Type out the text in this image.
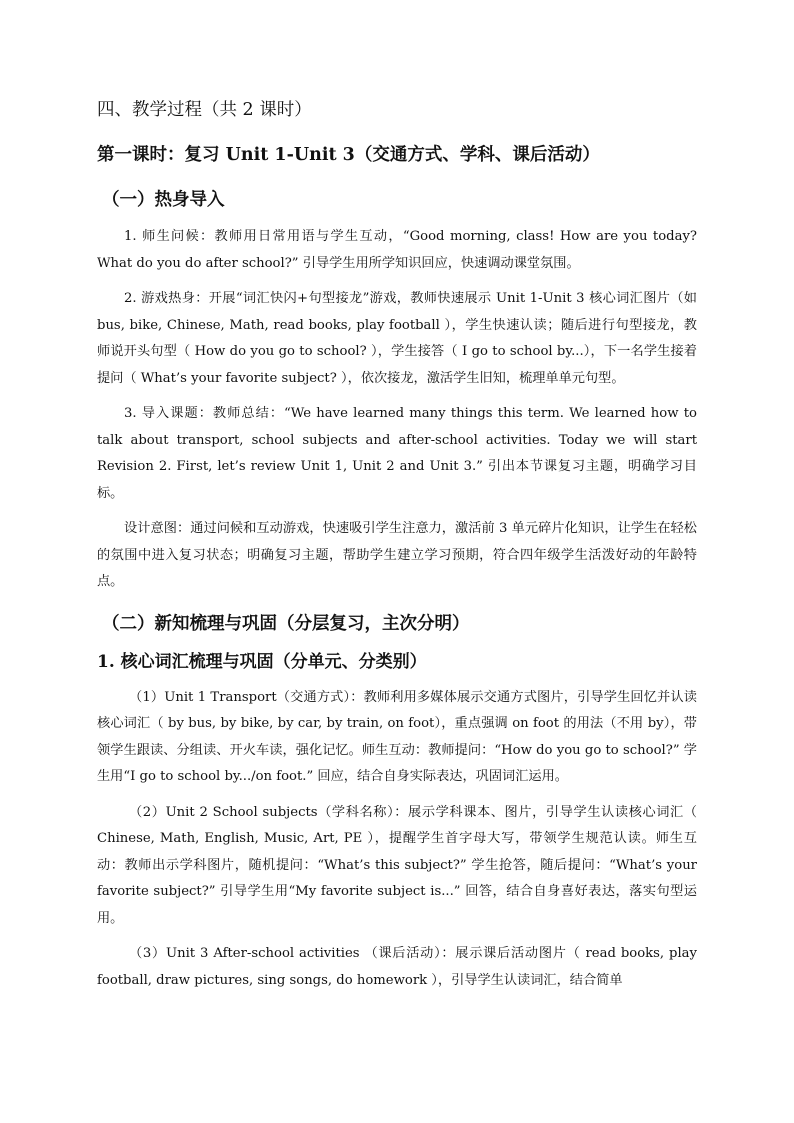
四、教学过程（共 2 课时）
第一课时：复习 Unit 1-Unit 3（交通方式、学科、课后活动）
（一）热身导入

1. 师生问候：教师用日常用语与学生互动，“Good morning, class! How are you today? What do you do after school?” 引导学生用所学知识回应，快速调动课堂氛围。

2. 游戏热身：开展“词汇快闪+句型接龙”游戏，教师快速展示 Unit 1-Unit 3 核心词汇图片（如 bus, bike, Chinese, Math, read books, play football ），学生快速认读；随后进行句型接龙，教师说开头句型（ How do you go to school? ），学生接答（ I go to school by...），下一名学生接着提问（ What’s your favorite subject? ），依次接龙，激活学生旧知，梳理单单元句型。

3. 导入课题：教师总结：“We have learned many things this term. We learned how to talk about transport, school subjects and after-school activities. Today we will start Revision 2. First, let’s review Unit 1, Unit 2 and Unit 3.” 引出本节课复习主题，明确学习目标。

设计意图：通过问候和互动游戏，快速吸引学生注意力，激活前 3 单元碎片化知识，让学生在轻松的氛围中进入复习状态；明确复习主题，帮助学生建立学习预期，符合四年级学生活泼好动的年龄特点。

（二）新知梳理与巩固（分层复习，主次分明）
1. 核心词汇梳理与巩固（分单元、分类别）

（1）Unit 1 Transport（交通方式）：教师利用多媒体展示交通方式图片，引导学生回忆并认读核心词汇（ by bus, by bike, by car, by train, on foot），重点强调 on foot 的用法（不用 by），带领学生跟读、分组读、开火车读，强化记忆。师生互动：教师提问：“How do you go to school?” 学生用“I go to school by.../on foot.” 回应，结合自身实际表达，巩固词汇运用。

（2）Unit 2 School subjects（学科名称）：展示学科课本、图片，引导学生认读核心词汇（ Chinese, Math, English, Music, Art, PE ），提醒学生首字母大写，带领学生规范认读。师生互动：教师出示学科图片，随机提问：“What’s this subject?” 学生抢答，随后提问：“What’s your favorite subject?” 引导学生用“My favorite subject is...” 回答，结合自身喜好表达，落实句型运用。

（3）Unit 3 After-school activities （课后活动）：展示课后活动图片（ read books, play football, draw pictures, sing songs, do homework ），引导学生认读词汇，结合简单
